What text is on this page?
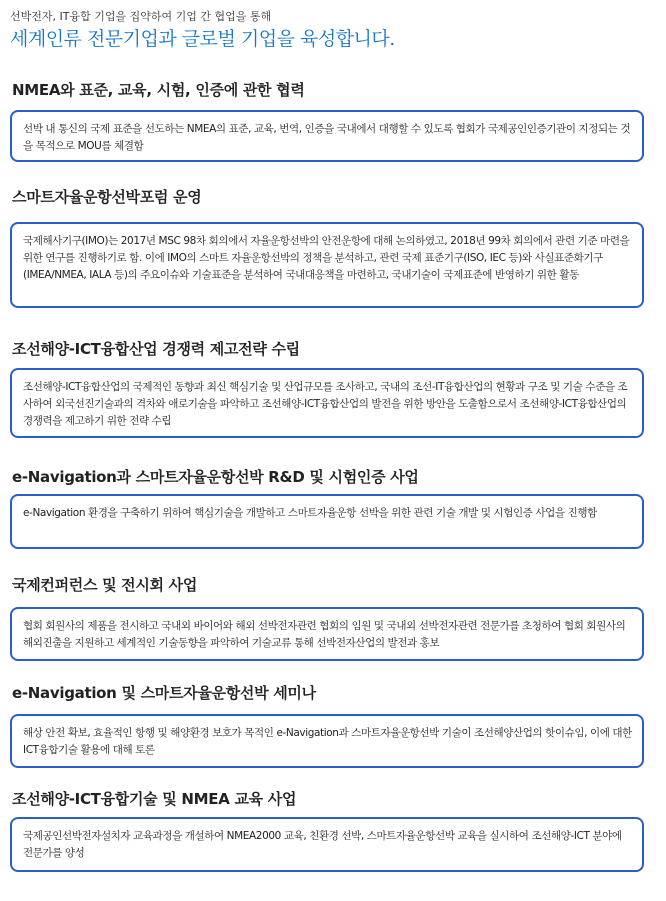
선박전자, IT융합 기업을 집약하여 기업 간 협업을 통해
세계인류 전문기업과 글로벌 기업을 육성합니다.
NMEA와 표준, 교육, 시험, 인증에 관한 협력
선박 내 통신의 국제 표준을 선도하는 NMEA의 표준, 교육, 번역, 인증을 국내에서 대행할 수 있도록 협회가 국제공인인증기관이 지정되는 것을 목적으로 MOU를 체결함
스마트자율운항선박포럼 운영
국제해사기구(IMO)는 2017년 MSC 98차 회의에서 자율운항선박의 안전운항에 대해 논의하였고, 2018년 99차 회의에서 관련 기준 마련을 위한 연구를 진행하기로 함. 이에 IMO의 스마트 자율운항선박의 정책을 분석하고, 관련 국제 표준기구(ISO, IEC 등)와 사실표준화기구(IMEA/NMEA, IALA 등)의 주요이슈와 기술표준을 분석하여 국내대응책을 마련하고, 국내기술이 국제표준에 반영하기 위한 활동
조선해양-ICT융합산업 경쟁력 제고전략 수립
조선해양-ICT융합산업의 국제적인 동향과 최신 핵심기술 및 산업규모를 조사하고, 국내의 조선-IT융합산업의 현황과 구조 및 기술 수준을 조사하여 외국선진기술과의 격차와 애로기술을 파악하고 조선해양-ICT융합산업의 발전을 위한 방안을 도출함으로서 조선해양-ICT융합산업의 경쟁력을 제고하기 위한 전략 수립
e-Navigation과 스마트자율운항선박 R&D 및 시험인증 사업
e-Navigation 환경을 구축하기 위하여 핵심기술을 개발하고 스마트자율운항 선박을 위한 관련 기술 개발 및 시험인증 사업을 진행함
국제컨퍼런스 및 전시회 사업
협회 회원사의 제품을 전시하고 국내외 바이어와 해외 선박전자관련 협회의 임원 및 국내외 선박전자관련 전문가를 초청하여 협회 회원사의 해외진출을 지원하고 세계적인 기술동향을 파악하여 기술교류 통해 선박전자산업의 발전과 홍보
e-Navigation 및 스마트자율운항선박 세미나
해상 안전 확보, 효율적인 항행 및 해양환경 보호가 목적인 e-Navigation과 스마트자율운항선박 기술이 조선해양산업의 핫이슈임, 이에 대한 ICT융합기술 활용에 대해 토론
조선해양-ICT융합기술 및 NMEA 교육 사업
국제공인선박전자설치자 교육과정을 개설하여 NMEA2000 교육, 친환경 선박, 스마트자율운항선박 교육을 실시하여 조선해양-ICT 분야에 전문가를 양성
